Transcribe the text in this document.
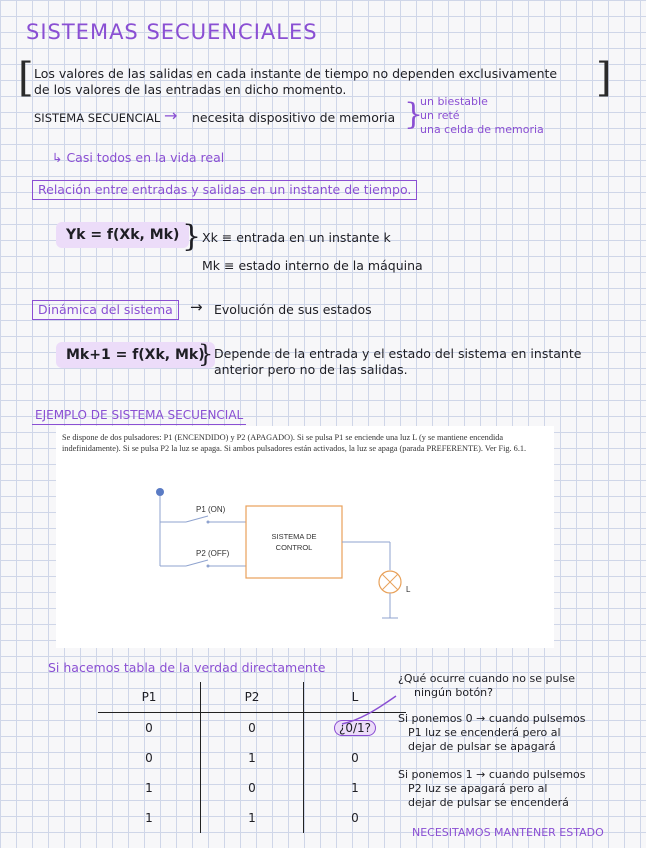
SISTEMAS SECUENCIALES
[	]
Los valores de las salidas en cada instante de tiempo no dependen exclusivamente
de los valores de las entradas en dicho momento.
SISTEMA SECUENCIAL → necesita dispositivo de memoria }
un biestable
un reté
una celda de memoria
↳ Casi todos en la vida real
Relación entre entradas y salidas en un instante de tiempo.
Yk = f(Xk, Mk) } Xk ≡ entrada en un instante k
Mk ≡ estado interno de la máquina
Dinámica del sistema	→ Evolución de sus estados
Mk+1 = f(Xk, Mk)
} Depende de la entrada y el estado del sistema en instante
anterior pero no de las salidas.
EJEMPLO DE SISTEMA SECUENCIAL

Se dispone de dos pulsadores: P1 (ENCENDIDO) y P2 (APAGADO). Si se pulsa P1 se enciende una luz L (y se mantiene encendida indefinidamente). Si se pulsa P2 la luz se apaga. Si ambos pulsadores están activados, la luz se apaga (parada PREFERENTE). Ver Fig. 6.1.

P1 (ON)
P2 (OFF)
SISTEMA DE
CONTROL
L
Si hacemos tabla de la verdad directamente
P1	P2	L
0	0	¿0/1?
0	1	0
1	0	1
1	1	0
¿Qué ocurre cuando no se pulse
ningún botón?
Si ponemos 0 → cuando pulsemos
P1 luz se encenderá pero al
dejar de pulsar se apagará
Si ponemos 1 → cuando pulsemos
P2 luz se apagará pero al
dejar de pulsar se encenderá
NECESITAMOS MANTENER ESTADO
